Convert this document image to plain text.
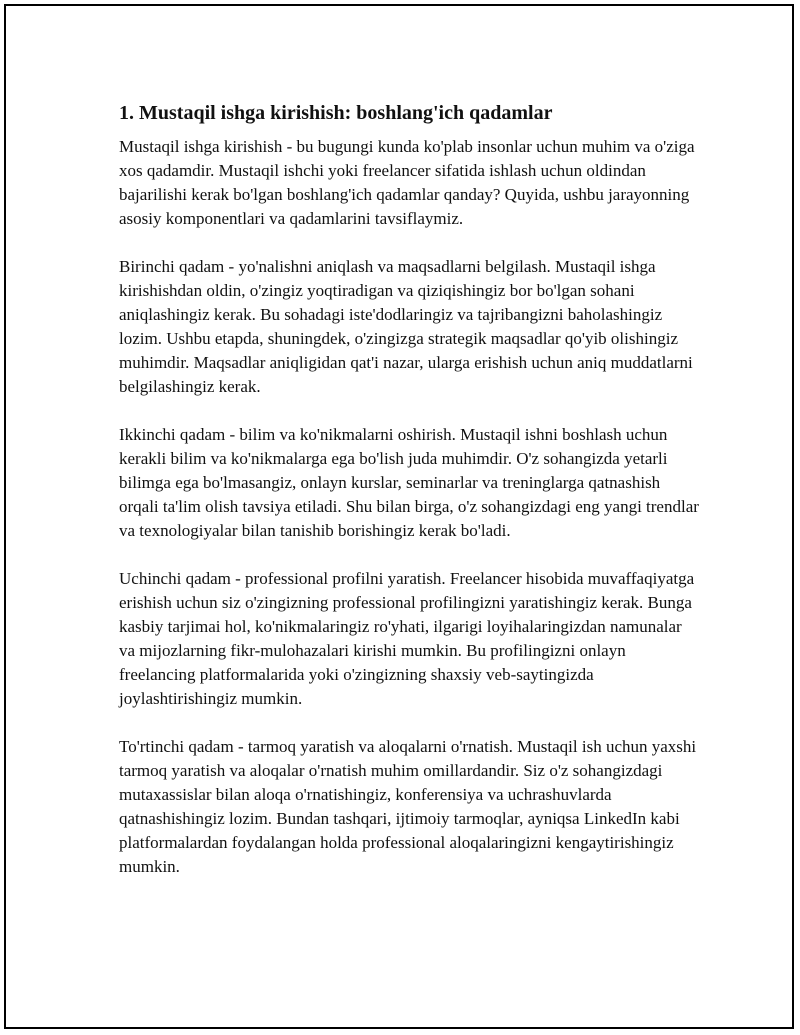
1. Mustaqil ishga kirishish: boshlang'ich qadamlar

Mustaqil ishga kirishish - bu bugungi kunda ko'plab insonlar uchun muhim va o'ziga xos qadamdir. Mustaqil ishchi yoki freelancer sifatida ishlash uchun oldindan bajarilishi kerak bo'lgan boshlang'ich qadamlar qanday? Quyida, ushbu jarayonning asosiy komponentlari va qadamlarini tavsiflaymiz.

Birinchi qadam - yo'nalishni aniqlash va maqsadlarni belgilash. Mustaqil ishga kirishishdan oldin, o'zingiz yoqtiradigan va qiziqishingiz bor bo'lgan sohani aniqlashingiz kerak. Bu sohadagi iste'dodlaringiz va tajribangizni baholashingiz lozim. Ushbu etapda, shuningdek, o'zingizga strategik maqsadlar qo'yib olishingiz muhimdir. Maqsadlar aniqligidan qat'i nazar, ularga erishish uchun aniq muddatlarni belgilashingiz kerak.

Ikkinchi qadam - bilim va ko'nikmalarni oshirish. Mustaqil ishni boshlash uchun kerakli bilim va ko'nikmalarga ega bo'lish juda muhimdir. O'z sohangizda yetarli bilimga ega bo'lmasangiz, onlayn kurslar, seminarlar va treninglarga qatnashish orqali ta'lim olish tavsiya etiladi. Shu bilan birga, o'z sohangizdagi eng yangi trendlar va texnologiyalar bilan tanishib borishingiz kerak bo'ladi.

Uchinchi qadam - professional profilni yaratish. Freelancer hisobida muvaffaqiyatga erishish uchun siz o'zingizning professional profilingizni yaratishingiz kerak. Bunga kasbiy tarjimai hol, ko'nikmalaringiz ro'yhati, ilgarigi loyihalaringizdan namunalar va mijozlarning fikr-mulohazalari kirishi mumkin. Bu profilingizni onlayn freelancing platformalarida yoki o'zingizning shaxsiy veb-saytingizda joylashtirishingiz mumkin.

To'rtinchi qadam - tarmoq yaratish va aloqalarni o'rnatish. Mustaqil ish uchun yaxshi tarmoq yaratish va aloqalar o'rnatish muhim omillardandir. Siz o'z sohangizdagi mutaxassislar bilan aloqa o'rnatishingiz, konferensiya va uchrashuvlarda qatnashishingiz lozim. Bundan tashqari, ijtimoiy tarmoqlar, ayniqsa LinkedIn kabi platformalardan foydalangan holda professional aloqalaringizni kengaytirishingiz mumkin.
